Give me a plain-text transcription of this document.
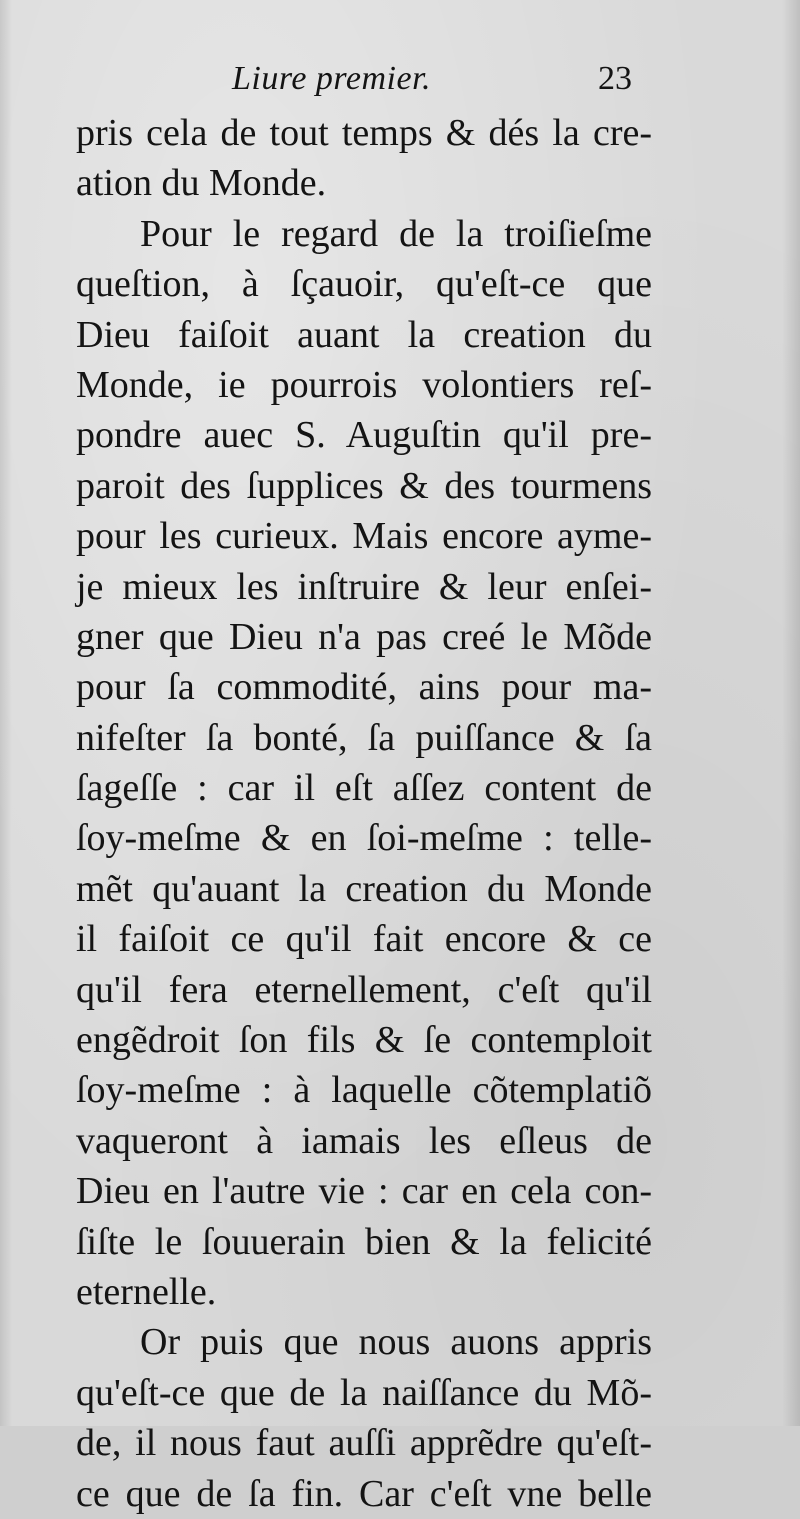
Liure premier.	23
pris cela de tout temps & dés la cre-
ation du Monde.
Pour le regard de la troiſieſme
queſtion, à ſçauoir, qu'eſt-ce que
Dieu faiſoit auant la creation du
Monde, ie pourrois volontiers reſ-
pondre auec S. Auguſtin qu'il pre-
paroit des ſupplices & des tourmens
pour les curieux. Mais encore ayme-
je mieux les inſtruire & leur enſei-
gner que Dieu n'a pas creé le Mõde
pour ſa commodité, ains pour ma-
nifeſter ſa bonté, ſa puiſſance & ſa
ſageſſe : car il eſt aſſez content de
ſoy-meſme & en ſoi-meſme : telle-
mẽt qu'auant la creation du Monde
il faiſoit ce qu'il fait encore & ce
qu'il fera eternellement, c'eſt qu'il
engẽdroit ſon fils & ſe contemploit
ſoy-meſme : à laquelle cõtemplatiõ
vaqueront à iamais les eſleus de
Dieu en l'autre vie : car en cela con-
ſiſte le ſouuerain bien & la felicité
eternelle.
Or puis que nous auons appris
qu'eſt-ce que de la naiſſance du Mõ-
de, il nous faut auſſi apprẽdre qu'eſt-
ce que de ſa fin. Car c'eſt vne belle
